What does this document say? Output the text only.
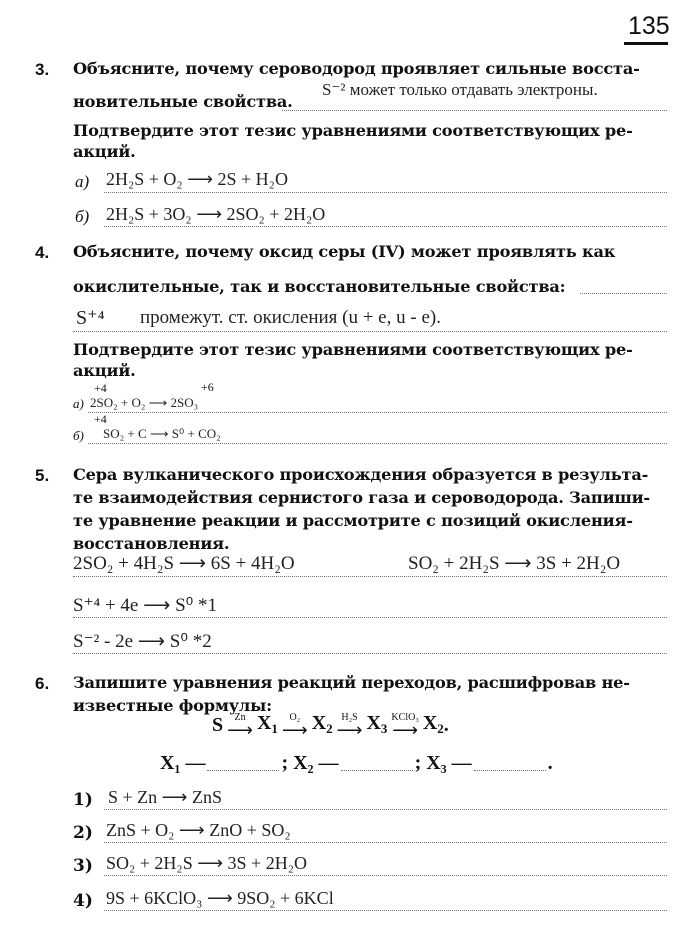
135
3. Объясните, почему сероводород проявляет сильные восста-
новительные свойства.
S⁻² может только отдавать электроны.
Подтвердите этот тезис уравнениями соответствующих ре-
акций.
а) 2H₂S + O₂ ⟶ 2S + H₂O
б) 2H₂S + 3O₂ ⟶ 2SO₂ + 2H₂O
4. Объясните, почему оксид серы (IV) может проявлять как
окислительные, так и восстановительные свойства:
S⁺⁴ промежут. ст. окисления (u + e, u - e).
Подтвердите этот тезис уравнениями соответствующих ре-
акций.
+4	+6
а) 2SO₂ + O₂ ⟶ 2SO₃
+4
б) SO₂ + C ⟶ S⁰ + CO₂
5. Сера вулканического происхождения образуется в результа-
те взаимодействия сернистого газа и сероводорода. Запиши-
те уравнение реакции и рассмотрите с позиций окисления-
восстановления.
2SO₂ + 4H₂S ⟶ 6S + 4H₂O	SO₂ + 2H₂S ⟶ 3S + 2H₂O
S⁺⁴ + 4e ⟶ S⁰ *1
S⁻² - 2e ⟶ S⁰ *2
6. Запишите уравнения реакций переходов, расшифровав не-
известные формулы:
S Zn
⟶ $X_1$
O₂
⟶ $X_2$
H₂S
⟶ $X_3$
KClO₃
⟶ $X_2$ .
X₁ —	; X₂ —	; X₃ —	.
1) S + Zn ⟶ ZnS
2) ZnS + O₂ ⟶ ZnO + SO₂
3) SO₂ + 2H₂S ⟶ 3S + 2H₂O
4) 9S + 6KClO₃ ⟶ 9SO₂ + 6KCl
